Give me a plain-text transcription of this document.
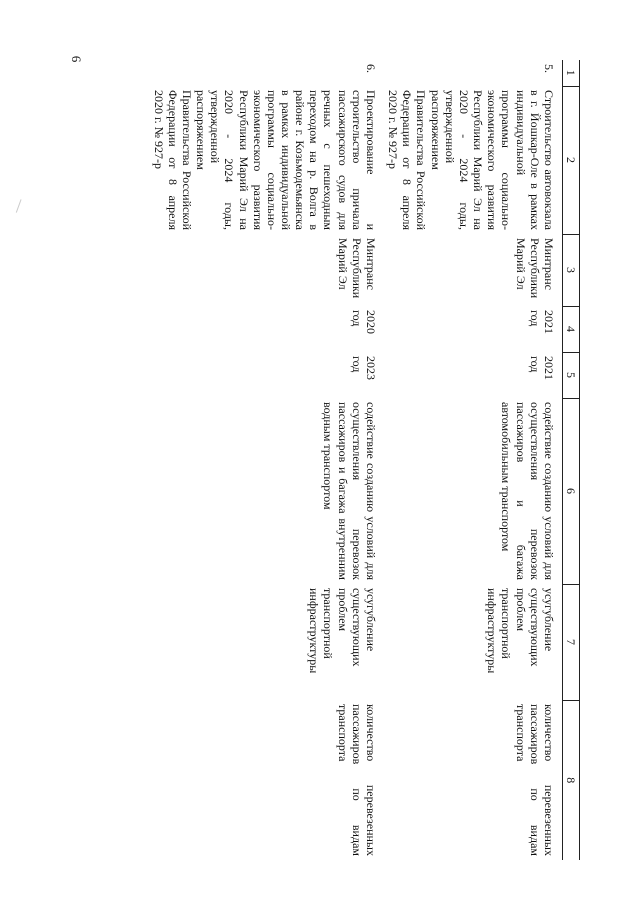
6
1	2	3	4	5	6	7	8
5.	Строительство автовокзала в г. Йошкар-Оле в рамках индивидуальной программы социально-экономического развития Республики Марий Эл на 2020 - 2024 годы, утвержденной распоряжением Правительства Российской Федерации от 8 апреля 2020 г. № 927-р	Минтранс Республики Марий Эл	2021 год	2021 год	содействие созданию условий для осуществления перевозок пассажиров и багажа автомобильным транспортом	усугубление существующих проблем транспортной инфраструктуры	количество перевезенных пассажиров по видам транспорта
6.	Проектирование и строительство причала пассажирского судов для речных с пешеходным переходом на р. Волга в районе г. Козьмодемьянска в рамках индивидуальной программы социально-экономического развития Республики Марий Эл на 2020 - 2024 годы, утвержденной распоряжением Правительства Российской Федерации от 8 апреля 2020 г. № 927-р	Минтранс Республики Марий Эл	2020 год	2023 год	содействие созданию условий для осуществления перевозок пассажиров и багажа внутренним водным транспортом	усугубление существующих проблем транспортной инфраструктуры	количество перевезенных пассажиров по видам транспорта
